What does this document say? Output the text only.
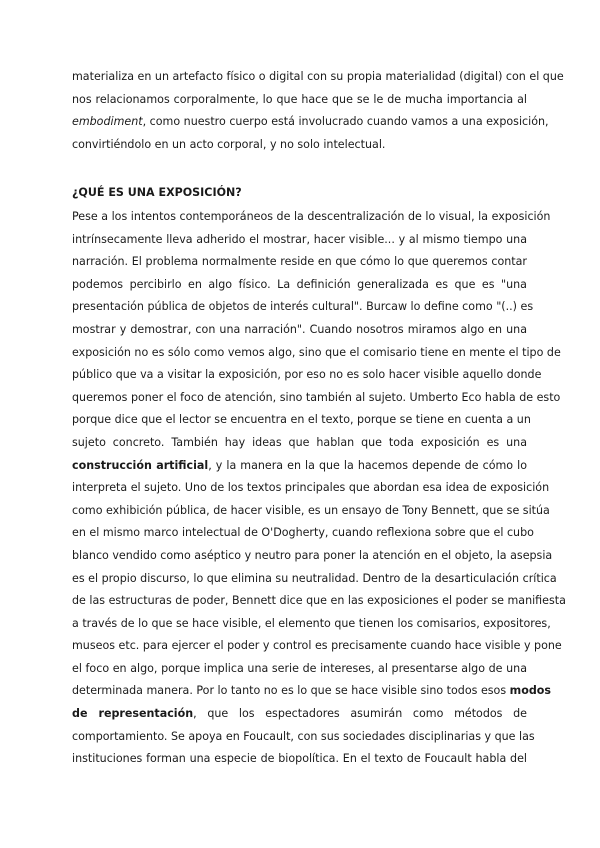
materializa en un artefacto físico o digital con su propia materialidad (digital) con el que
nos relacionamos corporalmente, lo que hace que se le de mucha importancia al
embodiment, como nuestro cuerpo está involucrado cuando vamos a una exposición,
convirtiéndolo en un acto corporal, y no solo intelectual.
¿QUÉ ES UNA EXPOSICIÓN?
Pese a los intentos contemporáneos de la descentralización de lo visual, la exposición
intrínsecamente lleva adherido el mostrar, hacer visible... y al mismo tiempo una
narración. El problema normalmente reside en que cómo lo que queremos contar
podemos percibirlo en algo físico. La definición generalizada es que es "una
presentación pública de objetos de interés cultural". Burcaw lo define como "(..) es
mostrar y demostrar, con una narración". Cuando nosotros miramos algo en una
exposición no es sólo como vemos algo, sino que el comisario tiene en mente el tipo de
público que va a visitar la exposición, por eso no es solo hacer visible aquello donde
queremos poner el foco de atención, sino también al sujeto. Umberto Eco habla de esto
porque dice que el lector se encuentra en el texto, porque se tiene en cuenta a un
sujeto concreto. También hay ideas que hablan que toda exposición es una
construcción artificial, y la manera en la que la hacemos depende de cómo lo
interpreta el sujeto. Uno de los textos principales que abordan esa idea de exposición
como exhibición pública, de hacer visible, es un ensayo de Tony Bennett, que se sitúa
en el mismo marco intelectual de O'Dogherty, cuando reflexiona sobre que el cubo
blanco vendido como aséptico y neutro para poner la atención en el objeto, la asepsia
es el propio discurso, lo que elimina su neutralidad. Dentro de la desarticulación crítica
de las estructuras de poder, Bennett dice que en las exposiciones el poder se manifiesta
a través de lo que se hace visible, el elemento que tienen los comisarios, expositores,
museos etc. para ejercer el poder y control es precisamente cuando hace visible y pone
el foco en algo, porque implica una serie de intereses, al presentarse algo de una
determinada manera. Por lo tanto no es lo que se hace visible sino todos esos modos
de representación, que los espectadores asumirán como métodos de
comportamiento. Se apoya en Foucault, con sus sociedades disciplinarias y que las
instituciones forman una especie de biopolítica. En el texto de Foucault habla del
